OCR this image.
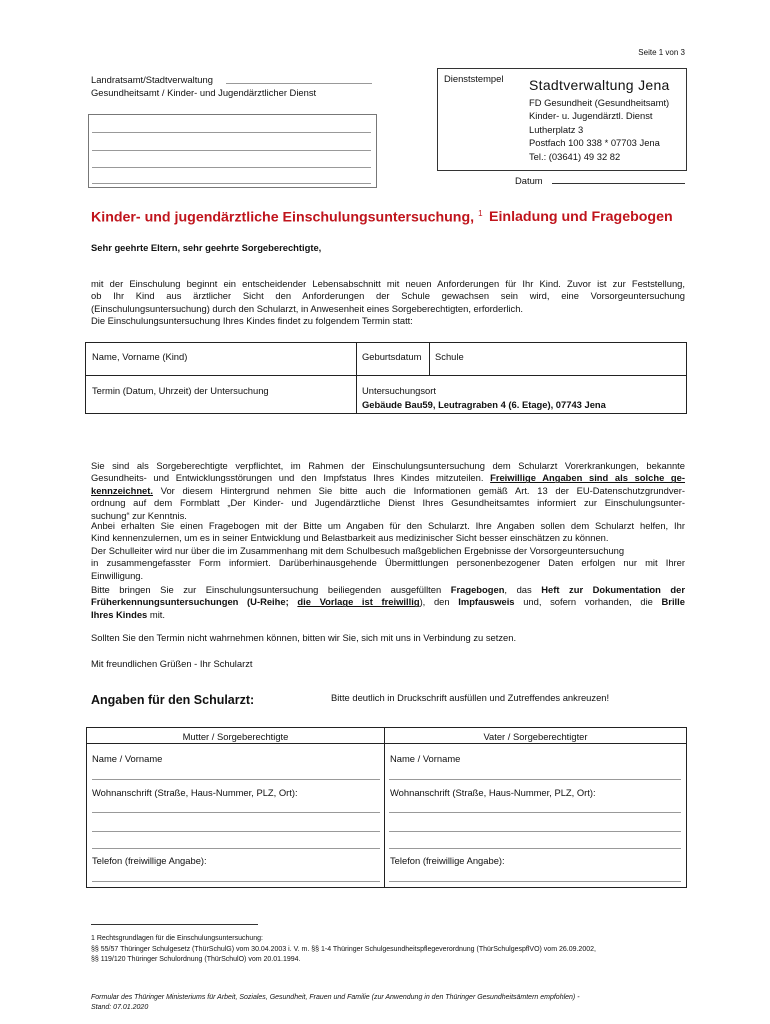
Seite 1 von 3
Landratsamt/Stadtverwaltung
Gesundheitsamt / Kinder- und Jugendärztlicher Dienst
Dienststempel Stadtverwaltung Jena
FD Gesundheit (Gesundheitsamt)
Kinder- u. Jugendärztl. Dienst
Lutherplatz 3
Postfach 100 338 * 07703 Jena
Tel.: (03641) 49 32 82
Datum
Kinder- und jugendärztliche Einschulungsuntersuchung, $^1$ Einladung und Fragebogen
Sehr geehrte Eltern, sehr geehrte Sorgeberechtigte,
mit der Einschulung beginnt ein entscheidender Lebensabschnitt mit neuen Anforderungen für Ihr Kind. Zuvor ist zur Feststellung,
ob Ihr Kind aus ärztlicher Sicht den Anforderungen der Schule gewachsen sein wird, eine Vorsorgeuntersuchung
(Einschulungsuntersuchung) durch den Schularzt, in Anwesenheit eines Sorgeberechtigten, erforderlich.
Die Einschulungsuntersuchung Ihres Kindes findet zu folgendem Termin statt:
Name, Vorname (Kind)	Geburtsdatum Schule
Termin (Datum, Uhrzeit) der Untersuchung	Untersuchungsort
Gebäude Bau59, Leutragraben 4 (6. Etage), 07743 Jena
Sie sind als Sorgeberechtigte verpflichtet, im Rahmen der Einschulungsuntersuchung dem Schularzt Vorerkrankungen, bekannte
Gesundheits- und Entwicklungsstörungen und den Impfstatus Ihres Kindes mitzuteilen. Freiwillige Angaben sind als solche ge-
kennzeichnet. Vor diesem Hintergrund nehmen Sie bitte auch die Informationen gemäß Art. 13 der EU-Datenschutzgrundver-
ordnung auf dem Formblatt „Der Kinder- und Jugendärztliche Dienst Ihres Gesundheitsamtes informiert zur Einschulungsunter-
suchung“ zur Kenntnis.
Anbei erhalten Sie einen Fragebogen mit der Bitte um Angaben für den Schularzt. Ihre Angaben sollen dem Schularzt helfen, Ihr
Kind kennenzulernen, um es in seiner Entwicklung und Belastbarkeit aus medizinischer Sicht besser einschätzen zu können.
Der Schulleiter wird nur über die im Zusammenhang mit dem Schulbesuch maßgeblichen Ergebnisse der Vorsorgeuntersuchung
in zusammengefasster Form informiert. Darüberhinausgehende Übermittlungen personenbezogener Daten erfolgen nur mit Ihrer
Einwilligung.
Bitte bringen Sie zur Einschulungsuntersuchung beiliegenden ausgefüllten Fragebogen, das Heft zur Dokumentation der
Früherkennungsuntersuchungen (U-Reihe; die Vorlage ist freiwillig), den Impfausweis und, sofern vorhanden, die Brille
Ihres Kindes mit.
Sollten Sie den Termin nicht wahrnehmen können, bitten wir Sie, sich mit uns in Verbindung zu setzen.
Mit freundlichen Grüßen - Ihr Schularzt
Angaben für den Schularzt:	Bitte deutlich in Druckschrift ausfüllen und Zutreffendes ankreuzen!
Mutter / Sorgeberechtigte	Vater / Sorgeberechtigter
Name / Vorname	Name / Vorname
Wohnanschrift (Straße, Haus-Nummer, PLZ, Ort):	Wohnanschrift (Straße, Haus-Nummer, PLZ, Ort):
Telefon (freiwillige Angabe):	Telefon (freiwillige Angabe):
1 Rechtsgrundlagen für die Einschulungsuntersuchung:
§§ 55/57 Thüringer Schulgesetz (ThürSchulG) vom 30.04.2003 i. V. m. §§ 1-4 Thüringer Schulgesundheitspflegeverordnung (ThürSchulgespflVO) vom 26.09.2002,
§§ 119/120 Thüringer Schulordnung (ThürSchulO) vom 20.01.1994.
Formular des Thüringer Ministeriums für Arbeit, Soziales, Gesundheit, Frauen und Familie (zur Anwendung in den Thüringer Gesundheitsämtern empfohlen) -
Stand: 07.01.2020
